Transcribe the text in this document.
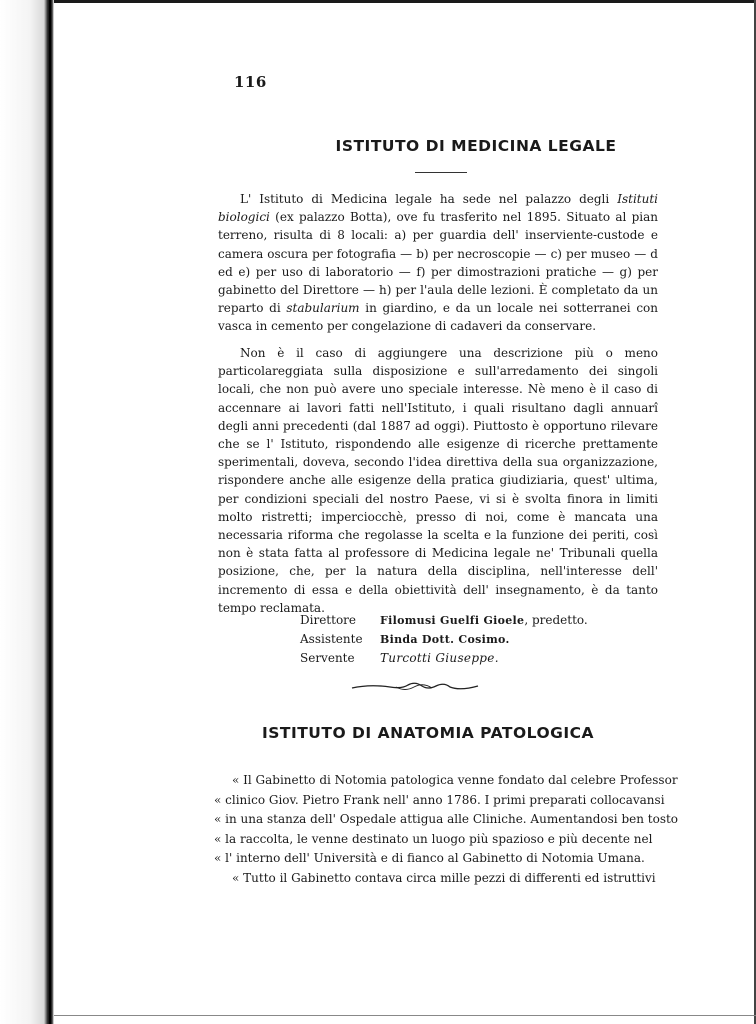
116
ISTITUTO DI MEDICINA LEGALE

L' Istituto di Medicina legale ha sede nel palazzo degli Istituti biologici (ex palazzo Botta), ove fu trasferito nel 1895. Situato al pian terreno, risulta di 8 locali: a) per guardia dell' inserviente-custode e camera oscura per fotografia — b) per necroscopie — c) per museo — d ed e) per uso di laboratorio — f) per dimostrazioni pratiche — g) per gabinetto del Direttore — h) per l'aula delle lezioni. È completato da un reparto di stabularium in giardino, e da un locale nei sotterranei con vasca in cemento per congelazione di cadaveri da conservare.

Non è il caso di aggiungere una descrizione più o meno particolareggiata sulla disposizione e sull'arredamento dei singoli locali, che non può avere uno speciale interesse. Nè meno è il caso di accennare ai lavori fatti nell'Istituto, i quali risultano dagli annuarî degli anni precedenti (dal 1887 ad oggi). Piuttosto è opportuno rilevare che se l' Istituto, rispondendo alle esigenze di ricerche prettamente sperimentali, doveva, secondo l'idea direttiva della sua organizzazione, rispondere anche alle esigenze della pratica giudiziaria, quest' ultima, per condizioni speciali del nostro Paese, vi si è svolta finora in limiti molto ristretti; imperciocchè, presso di noi, come è mancata una necessaria riforma che regolasse la scelta e la funzione dei periti, così non è stata fatta al professore di Medicina legale ne' Tribunali quella posizione, che, per la natura della disciplina, nell'interesse dell' incremento di essa e della obiettività dell' insegnamento, è da tanto tempo reclamata.

Direttore	Filomusi Guelfi Gioele , predetto.
Assistente	Binda Dott. Cosimo.
Servente	Turcotti Giuseppe.
ISTITUTO DI ANATOMIA PATOLOGICA
« Il Gabinetto di Notomia patologica venne fondato dal celebre Professor
« clinico Giov. Pietro Frank nell' anno 1786. I primi preparati collocavansi
« in una stanza dell' Ospedale attigua alle Cliniche. Aumentandosi ben tosto
« la raccolta, le venne destinato un luogo più spazioso e più decente nel
« l' interno dell' Università e di fianco al Gabinetto di Notomia Umana.
« Tutto il Gabinetto contava circa mille pezzi di differenti ed istruttivi
